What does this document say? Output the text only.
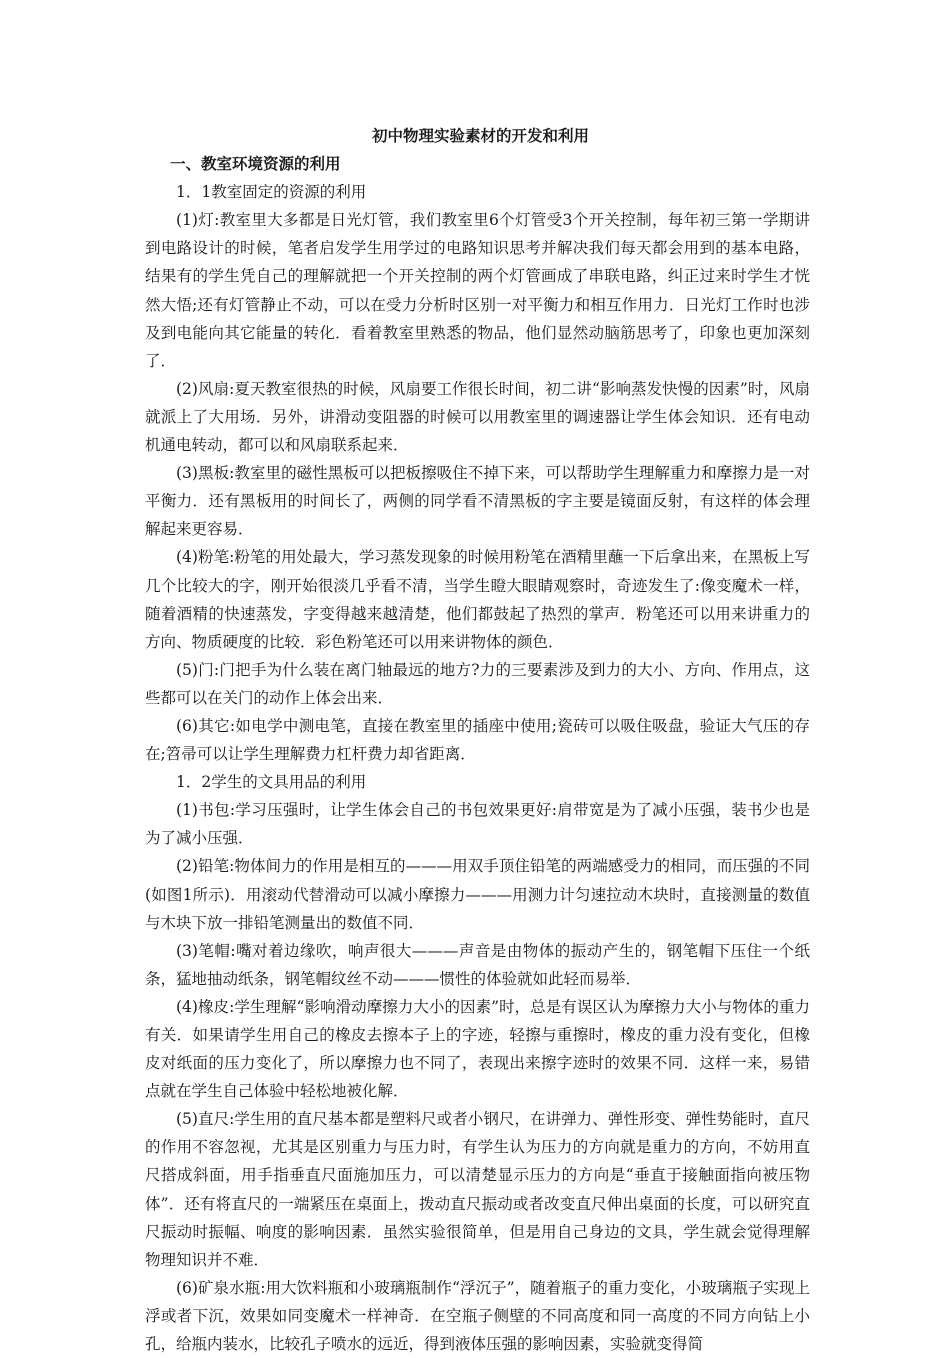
初中物理实验素材的开发和利用

一、教室环境资源的利用

1．1教室固定的资源的利用

(1)灯:教室里大多都是日光灯管，我们教室里6个灯管受3个开关控制，每年初三第一学期讲到电路设计的时候，笔者启发学生用学过的电路知识思考并解决我们每天都会用到的基本电路，结果有的学生凭自己的理解就把一个开关控制的两个灯管画成了串联电路，纠正过来时学生才恍然大悟;还有灯管静止不动，可以在受力分析时区别一对平衡力和相互作用力．日光灯工作时也涉及到电能向其它能量的转化．看着教室里熟悉的物品，他们显然动脑筋思考了，印象也更加深刻了．

(2)风扇:夏天教室很热的时候，风扇要工作很长时间，初二讲“影响蒸发快慢的因素”时，风扇就派上了大用场．另外，讲滑动变阻器的时候可以用教室里的调速器让学生体会知识．还有电动机通电转动，都可以和风扇联系起来．

(3)黑板:教室里的磁性黑板可以把板擦吸住不掉下来，可以帮助学生理解重力和摩擦力是一对平衡力．还有黑板用的时间长了，两侧的同学看不清黑板的字主要是镜面反射，有这样的体会理解起来更容易．

(4)粉笔:粉笔的用处最大，学习蒸发现象的时候用粉笔在酒精里蘸一下后拿出来，在黑板上写几个比较大的字，刚开始很淡几乎看不清，当学生瞪大眼睛观察时，奇迹发生了:像变魔术一样，随着酒精的快速蒸发，字变得越来越清楚，他们都鼓起了热烈的掌声．粉笔还可以用来讲重力的方向、物质硬度的比较．彩色粉笔还可以用来讲物体的颜色．

(5)门:门把手为什么装在离门轴最远的地方?力的三要素涉及到力的大小、方向、作用点，这些都可以在关门的动作上体会出来．

(6)其它:如电学中测电笔，直接在教室里的插座中使用;瓷砖可以吸住吸盘，验证大气压的存在;笤帚可以让学生理解费力杠杆费力却省距离．

1．2学生的文具用品的利用

(1)书包:学习压强时，让学生体会自己的书包效果更好:肩带宽是为了减小压强，装书少也是为了减小压强．

(2)铅笔:物体间力的作用是相互的———用双手顶住铅笔的两端感受力的相同，而压强的不同(如图1所示)．用滚动代替滑动可以减小摩擦力———用测力计匀速拉动木块时，直接测量的数值与木块下放一排铅笔测量出的数值不同．

(3)笔帽:嘴对着边缘吹，响声很大———声音是由物体的振动产生的，钢笔帽下压住一个纸条，猛地抽动纸条，钢笔帽纹丝不动———惯性的体验就如此轻而易举．

(4)橡皮:学生理解“影响滑动摩擦力大小的因素”时，总是有误区认为摩擦力大小与物体的重力有关．如果请学生用自己的橡皮去擦本子上的字迹，轻擦与重擦时，橡皮的重力没有变化，但橡皮对纸面的压力变化了，所以摩擦力也不同了，表现出来擦字迹时的效果不同．这样一来，易错点就在学生自己体验中轻松地被化解．

(5)直尺:学生用的直尺基本都是塑料尺或者小钢尺，在讲弹力、弹性形变、弹性势能时，直尺的作用不容忽视，尤其是区别重力与压力时，有学生认为压力的方向就是重力的方向，不妨用直尺搭成斜面，用手指垂直尺面施加压力，可以清楚显示压力的方向是“垂直于接触面指向被压物体”．还有将直尺的一端紧压在桌面上，拨动直尺振动或者改变直尺伸出桌面的长度，可以研究直尺振动时振幅、响度的影响因素．虽然实验很简单，但是用自己身边的文具，学生就会觉得理解物理知识并不难．

(6)矿泉水瓶:用大饮料瓶和小玻璃瓶制作“浮沉子”，随着瓶子的重力变化，小玻璃瓶子实现上浮或者下沉，效果如同变魔术一样神奇．在空瓶子侧壁的不同高度和同一高度的不同方向钻上小孔，给瓶内装水，比较孔子喷水的远近，得到液体压强的影响因素，实验就变得简
